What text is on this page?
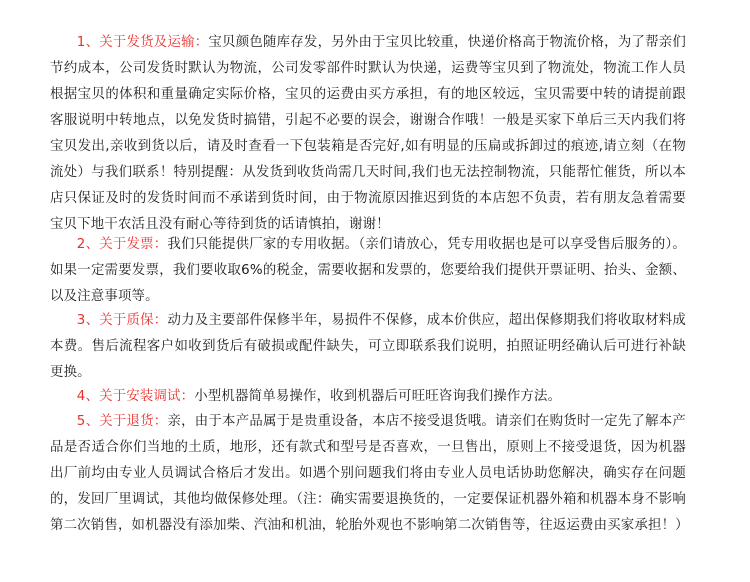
1、关于发货及运输：宝贝颜色随库存发，另外由于宝贝比较重，快递价格高于物流价格，为了帮亲们节约成本，公司发货时默认为物流，公司发零部件时默认为快递，运费等宝贝到了物流处，物流工作人员根据宝贝的体积和重量确定实际价格，宝贝的运费由买方承担，有的地区较远，宝贝需要中转的请提前跟客服说明中转地点，以免发货时搞错，引起不必要的误会，谢谢合作哦！一般是买家下单后三天内我们将宝贝发出,亲收到货以后，请及时查看一下包装箱是否完好,如有明显的压扁或拆卸过的痕迹,请立刻（在物流处）与我们联系！特别提醒：从发货到收货尚需几天时间,我们也无法控制物流，只能帮忙催货，所以本店只保证及时的发货时间而不承诺到货时间，由于物流原因推迟到货的本店恕不负责，若有朋友急着需要宝贝下地干农活且没有耐心等待到货的话请慎拍，谢谢！

2、关于发票：我们只能提供厂家的专用收据。（亲们请放心，凭专用收据也是可以享受售后服务的）。如果一定需要发票，我们要收取6%的税金，需要收据和发票的，您要给我们提供开票证明、抬头、金额、以及注意事项等。

3、关于质保：动力及主要部件保修半年，易损件不保修，成本价供应，超出保修期我们将收取材料成本费。售后流程客户如收到货后有破损或配件缺失，可立即联系我们说明，拍照证明经确认后可进行补缺更换。

4、关于安装调试：小型机器简单易操作，收到机器后可旺旺咨询我们操作方法。

5、关于退货：亲，由于本产品属于是贵重设备，本店不接受退货哦。请亲们在购货时一定先了解本产品是否适合你们当地的土质，地形，还有款式和型号是否喜欢，一旦售出，原则上不接受退货，因为机器出厂前均由专业人员调试合格后才发出。如遇个别问题我们将由专业人员电话协助您解决，确实存在问题的，发回厂里调试，其他均做保修处理。（注：确实需要退换货的，一定要保证机器外箱和机器本身不影响第二次销售，如机器没有添加柴、汽油和机油，轮胎外观也不影响第二次销售等，往返运费由买家承担！）
